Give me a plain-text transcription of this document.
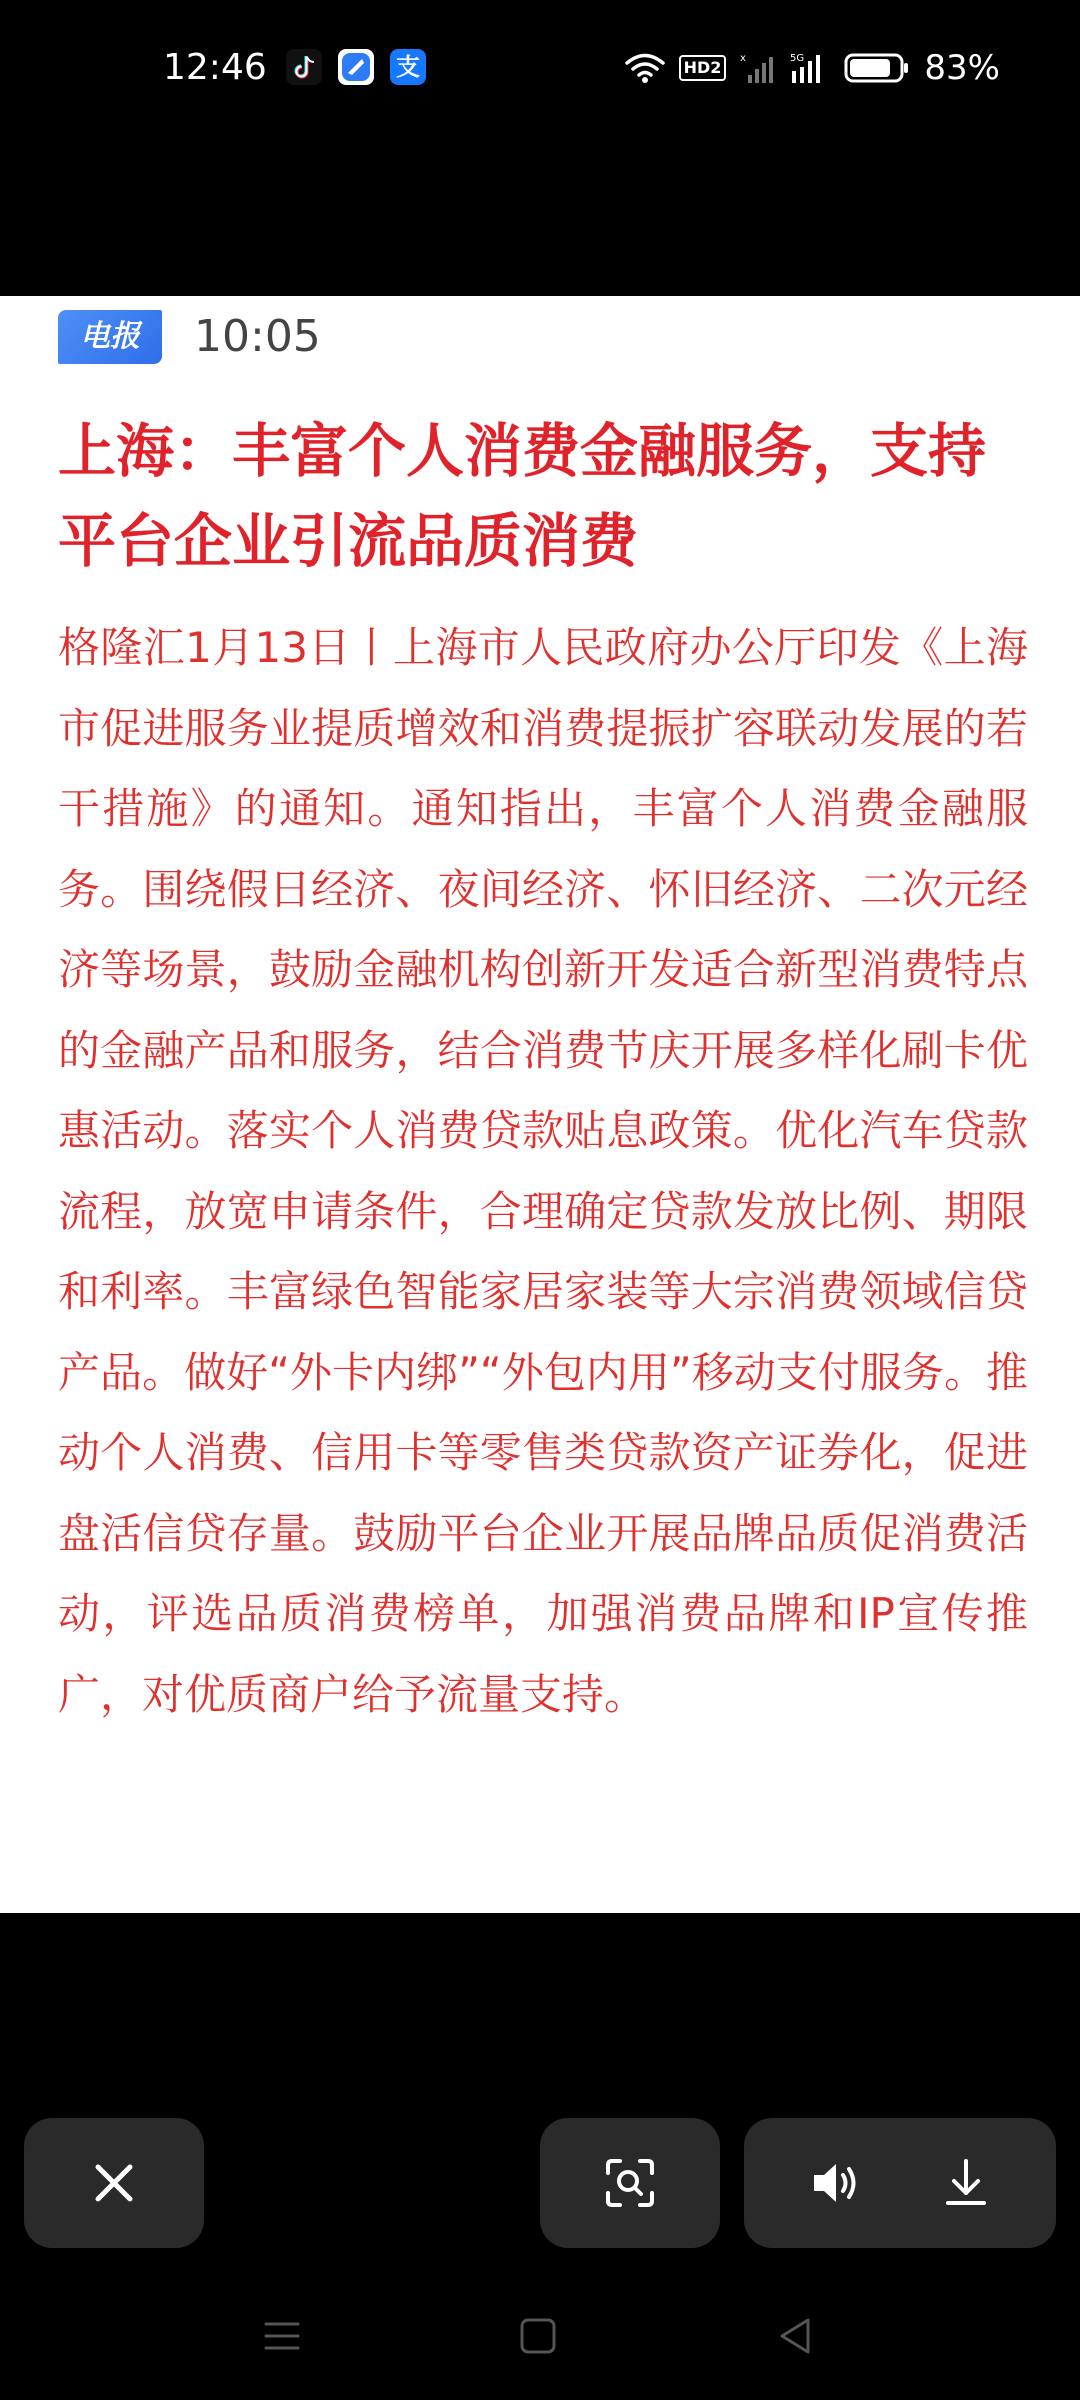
12:46	支	HD2	x	5G	83%
电报	10:05
上海：丰富个人消费金融服务，支持平台企业引流品质消费

格隆汇1月13日丨上海市人民政府办公厅印发《上海市促进服务业提质增效和消费提振扩容联动发展的若干措施》的通知。通知指出，丰富个人消费金融服务。围绕假日经济、夜间经济、怀旧经济、二次元经济等场景，鼓励金融机构创新开发适合新型消费特点的金融产品和服务，结合消费节庆开展多样化刷卡优惠活动。落实个人消费贷款贴息政策。优化汽车贷款流程，放宽申请条件，合理确定贷款发放比例、期限和利率。丰富绿色智能家居家装等大宗消费领域信贷产品。做好“外卡内绑”“外包内用”移动支付服务。推动个人消费、信用卡等零售类贷款资产证券化，促进盘活信贷存量。鼓励平台企业开展品牌品质促消费活动，评选品质消费榜单，加强消费品牌和IP宣传推广，对优质商户给予流量支持。
